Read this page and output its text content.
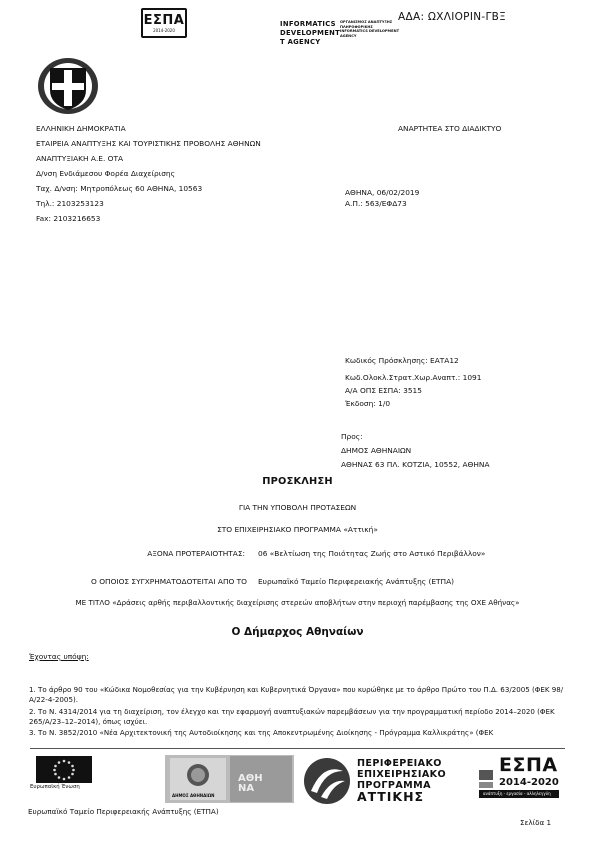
ΕΣΠΑ
2014-2020
INFORMATICS
DEVELOPMENT
T AGENCY
ΟΡΓΑΝΙΣΜΟΣ ΑΝΑΠΤΥΞΗΣ ΠΛΗΡΟΦΟΡΙΚΗΣ INFORMATICS DEVELOPMENT AGENCY
ΑΔΑ: ΩΧΛΙΟΡΙΝ-ΓΒΞ
ΕΛΛΗΝΙΚΗ ΔΗΜΟΚΡΑΤΙΑ
ΕΤΑΙΡΕΙΑ ΑΝΑΠΤΥΞΗΣ ΚΑΙ ΤΟΥΡΙΣΤΙΚΗΣ ΠΡΟΒΟΛΗΣ ΑΘΗΝΩΝ
ΑΝΑΠΤΥΞΙΑΚΗ Α.Ε. ΟΤΑ
Δ/νση Ενδιάμεσου Φορέα Διαχείρισης
Ταχ. Δ/νση: Μητροπόλεως 60 ΑΘΗΝΑ, 10563
Τηλ.: 2103253123
Fax: 2103216653
ΑΝΑΡΤΗΤΕΑ ΣΤΟ ΔΙΑΔΙΚΤΥΟ
ΑΘΗΝΑ, 06/02/2019
Α.Π.: 563/ΕΦΔ73
Κωδικός Πρόσκλησης: ΕΑΤΑ12
Κωδ.Ολοκλ.Στρατ.Χωρ.Αναπτ.: 1091
Α/Α ΟΠΣ ΕΣΠΑ: 3515
Έκδοση: 1/0
Προς:
ΔΗΜΟΣ ΑΘΗΝΑΙΩΝ
ΑΘΗΝΑΣ 63 ΠΛ. ΚΟΤΖΙΑ, 10552, ΑΘΗΝΑ
ΠΡΟΣΚΛΗΣΗ
ΓΙΑ ΤΗΝ ΥΠΟΒΟΛΗ ΠΡΟΤΑΣΕΩΝ
ΣΤΟ ΕΠΙΧΕΙΡΗΣΙΑΚΟ ΠΡΟΓΡΑΜΜΑ «Αττική»
ΑΞΟΝΑ ΠΡΟΤΕΡΑΙΟΤΗΤΑΣ: 06 «Βελτίωση της Ποιότητας Ζωής στο Αστικό Περιβάλλον»
Ο ΟΠΟΙΟΣ ΣΥΓΧΡΗΜΑΤΟΔΟΤΕΙΤΑΙ ΑΠΟ ΤΟ Ευρωπαϊκό Ταμείο Περιφερειακής Ανάπτυξης (ΕΤΠΑ)
ΜΕ ΤΙΤΛΟ «Δράσεις αρθής περιβαλλοντικής διαχείρισης στερεών αποβλήτων στην περιοχή παρέμβασης της ΟΧΕ Αθήνας»
Ο Δήμαρχος Αθηναίων
Έχοντας υπόψη:
1. Το άρθρο 90 του «Κώδικα Νομοθεσίας για την Κυβέρνηση και Κυβερνητικά Όργανα» που κυρώθηκε με το άρθρο Πρώτο του Π.Δ. 63/2005 (ΦΕΚ 98/Α/22-4-2005).
2. Το Ν. 4314/2014 για τη διαχείριση, τον έλεγχο και την εφαρμογή αναπτυξιακών παρεμβάσεων για την προγραμματική περίοδο 2014–2020 (ΦΕΚ 265/Α/23–12–2014), όπως ισχύει.
3. Το Ν. 3852/2010 «Νέα Αρχιτεκτονική της Αυτοδιοίκησης και της Αποκεντρωμένης Διοίκησης - Πρόγραμμα Καλλικράτης» (ΦΕΚ
Ευρωπαϊκή Ένωση
ΔΗΜΟΣ ΑΘΗΝΑΙΩΝ
ΑΘΗ ΝΑ
ΠΕΡΙΦΕΡΕΙΑΚΟ
ΕΠΙΧΕΙΡΗΣΙΑΚΟ
ΠΡΟΓΡΑΜΜΑ
ΑΤΤΙΚΗΣ
ΕΣΠΑ
2014-2020
ανάπτυξη - εργασία - αλληλεγγύη
Ευρωπαϊκό Ταμείο Περιφερειακής Ανάπτυξης (ΕΤΠΑ)
Σελίδα 1
